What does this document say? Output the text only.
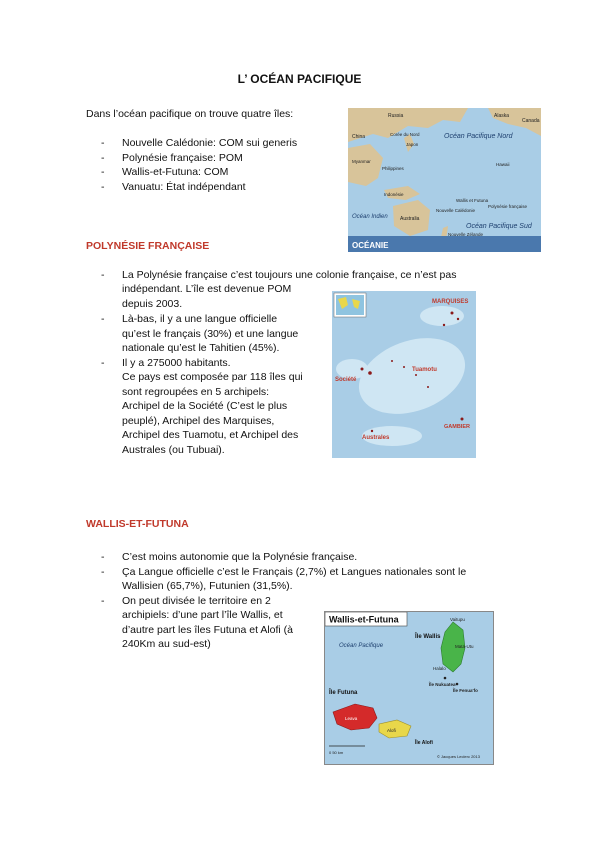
L’ OCÉAN PACIFIQUE
Dans l’océan pacifique on trouve quatre îles:
- Nouvelle Calédonie: COM sui generis
- Polynésie française: POM
- Wallis-et-Futuna: COM
- Vanuatu: État indépendant
Russia	Alaska
Canada
China	Corée du Nord
Japon
Myanmar
Philippines
Indonésie
Australia
Océan Pacifique Nord
Océan Pacifique Sud
Océan Indien
Hawaii
Polynésie française
Wallis et Futuna
Nouvelle Calédonie
Nouvelle Zélande
OCÉANIE
POLYNÉSIE FRANÇAISE
- La Polynésie française c’est toujours une colonie française, ce n’est pas
indépendant. L’île est devenue POM
depuis 2003.
- Là-bas, il y a une langue officielle
qu’est le français (30%) et une langue
nationale qu’est le Tahitien (45%).
- Il y a 275000 habitants.
Ce pays est composée par 118 îles qui
sont regroupées en 5 archipels:
Archipel de la Société (C’est le plus
peuplé), Archipel des Marquises,
Archipel des Tuamotu, et Archipel des
Australes (ou Tubuai).
MARQUISES
Tuamotu
Société
Australes
GAMBIER
WALLIS-ET-FUTUNA
- C’est moins autonomie que la Polynésie française.
- Ça Langue officielle c’est le Français (2,7%) et Langues nationales sont le
Wallisien (65,7%), Futunien (31,5%).
- On peut divisée le territoire en 2
archipiels: d’une part l’île Wallis, et
d’autre part les îles Futuna et Alofi (à
240Km au sud-est)
Wallis-et-Futuna
Océan Pacifique
Vaitupu
Île Wallis
Mata-Utu
Halalo
Île Nukuatea
Île Fenua'fo
Île Futuna
Leava
Alofi
Île Alofi
0 50 km
© Jacques Leclerc 2013
